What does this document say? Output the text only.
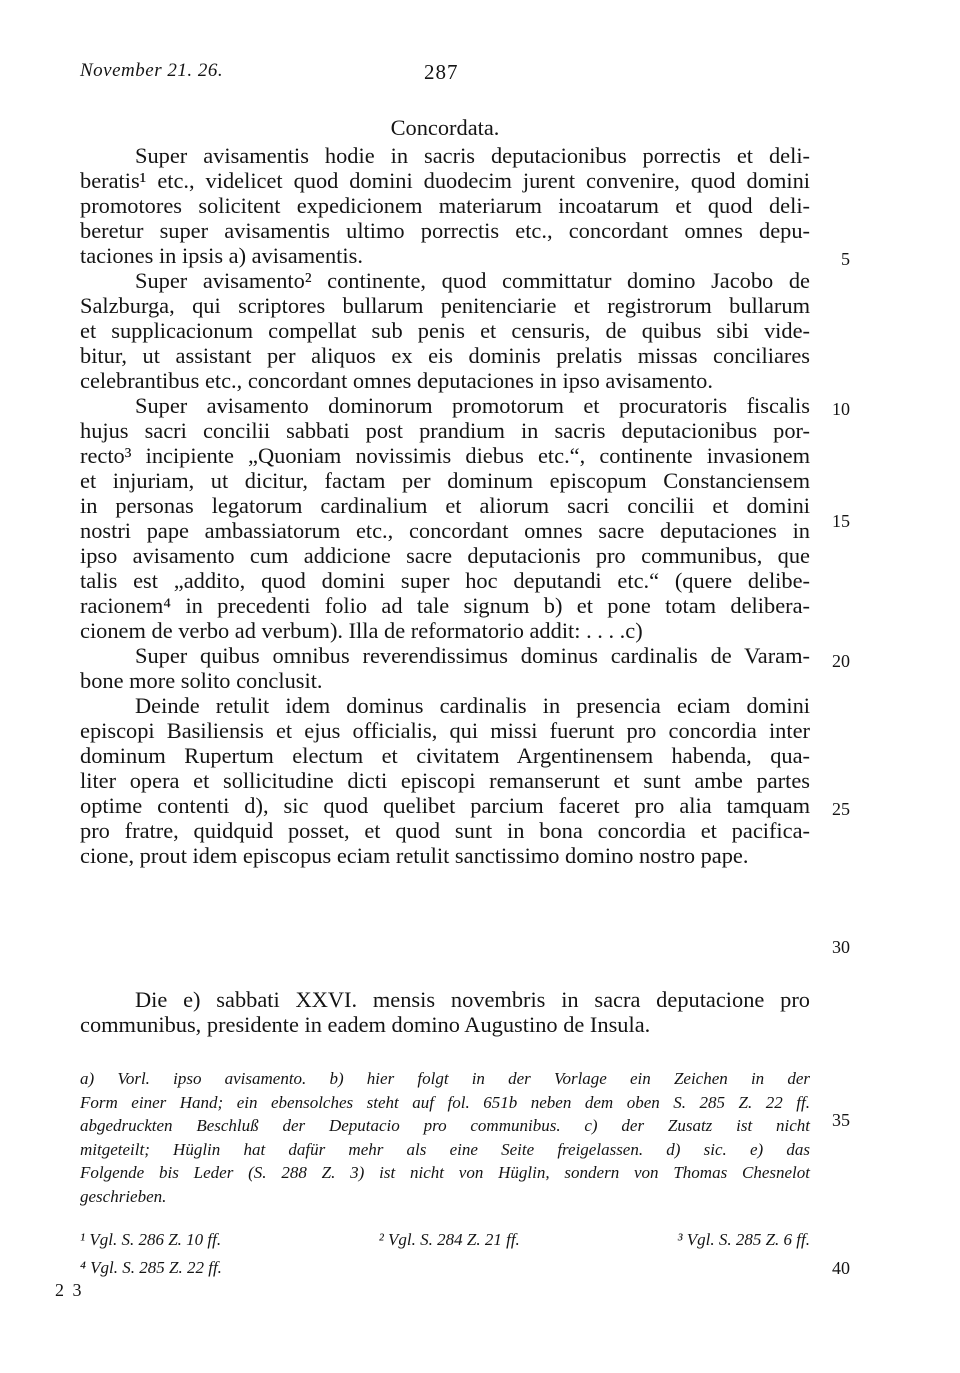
November 21. 26.	287
Concordata.
Super avisamentis hodie in sacris deputacionibus porrectis et deli-
beratis¹ etc., videlicet quod domini duodecim jurent convenire, quod domini
promotores solicitent expedicionem materiarum incoatarum et quod deli-
beretur super avisamentis ultimo porrectis etc., concordant omnes depu-
taciones in ipsis a) avisamentis.
Super avisamento² continente, quod committatur domino Jacobo de
Salzburga, qui scriptores bullarum penitenciarie et registrorum bullarum
et supplicacionum compellat sub penis et censuris, de quibus sibi vide-
bitur, ut assistant per aliquos ex eis dominis prelatis missas conciliares
celebrantibus etc., concordant omnes deputaciones in ipso avisamento.
Super avisamento dominorum promotorum et procuratoris fiscalis
hujus sacri concilii sabbati post prandium in sacris deputacionibus por-
recto³ incipiente „Quoniam novissimis diebus etc.“, continente invasionem
et injuriam, ut dicitur, factam per dominum episcopum Constanciensem
in personas legatorum cardinalium et aliorum sacri concilii et domini
nostri pape ambassiatorum etc., concordant omnes sacre deputaciones in
ipso avisamento cum addicione sacre deputacionis pro communibus, que
talis est „addito, quod domini super hoc deputandi etc.“ (quere delibe-
racionem⁴ in precedenti folio ad tale signum b) et pone totam delibera-
cionem de verbo ad verbum). Illa de reformatorio addit: . . . .c)
Super quibus omnibus reverendissimus dominus cardinalis de Varam-
bone more solito conclusit.
Deinde retulit idem dominus cardinalis in presencia eciam domini
episcopi Basiliensis et ejus officialis, qui missi fuerunt pro concordia inter
dominum Rupertum electum et civitatem Argentinensem habenda, qua-
liter opera et sollicitudine dicti episcopi remanserunt et sunt ambe partes
optime contenti d), sic quod quelibet parcium faceret pro alia tamquam
pro fratre, quidquid posset, et quod sunt in bona concordia et pacifica-
cione, prout idem episcopus eciam retulit sanctissimo domino nostro pape.
5
10
15
20
25
30
35
40
Die e) sabbati XXVI. mensis novembris in sacra deputacione pro
communibus, presidente in eadem domino Augustino de Insula.
a) Vorl. ipso avisamento. b) hier folgt in der Vorlage ein Zeichen in der
Form einer Hand; ein ebensolches steht auf fol. 651b neben dem oben S. 285 Z. 22 ff.
abgedruckten Beschluß der Deputacio pro communibus. c) der Zusatz ist nicht
mitgeteilt; Hüglin hat dafür mehr als eine Seite freigelassen. d) sic. e) das
Folgende bis Leder (S. 288 Z. 3) ist nicht von Hüglin, sondern von Thomas Chesnelot
geschrieben.
¹ Vgl. S. 286 Z. 10 ff.	² Vgl. S. 284 Z. 21 ff.	³ Vgl. S. 285 Z. 6 ff.
⁴ Vgl. S. 285 Z. 22 ff.
2 3
